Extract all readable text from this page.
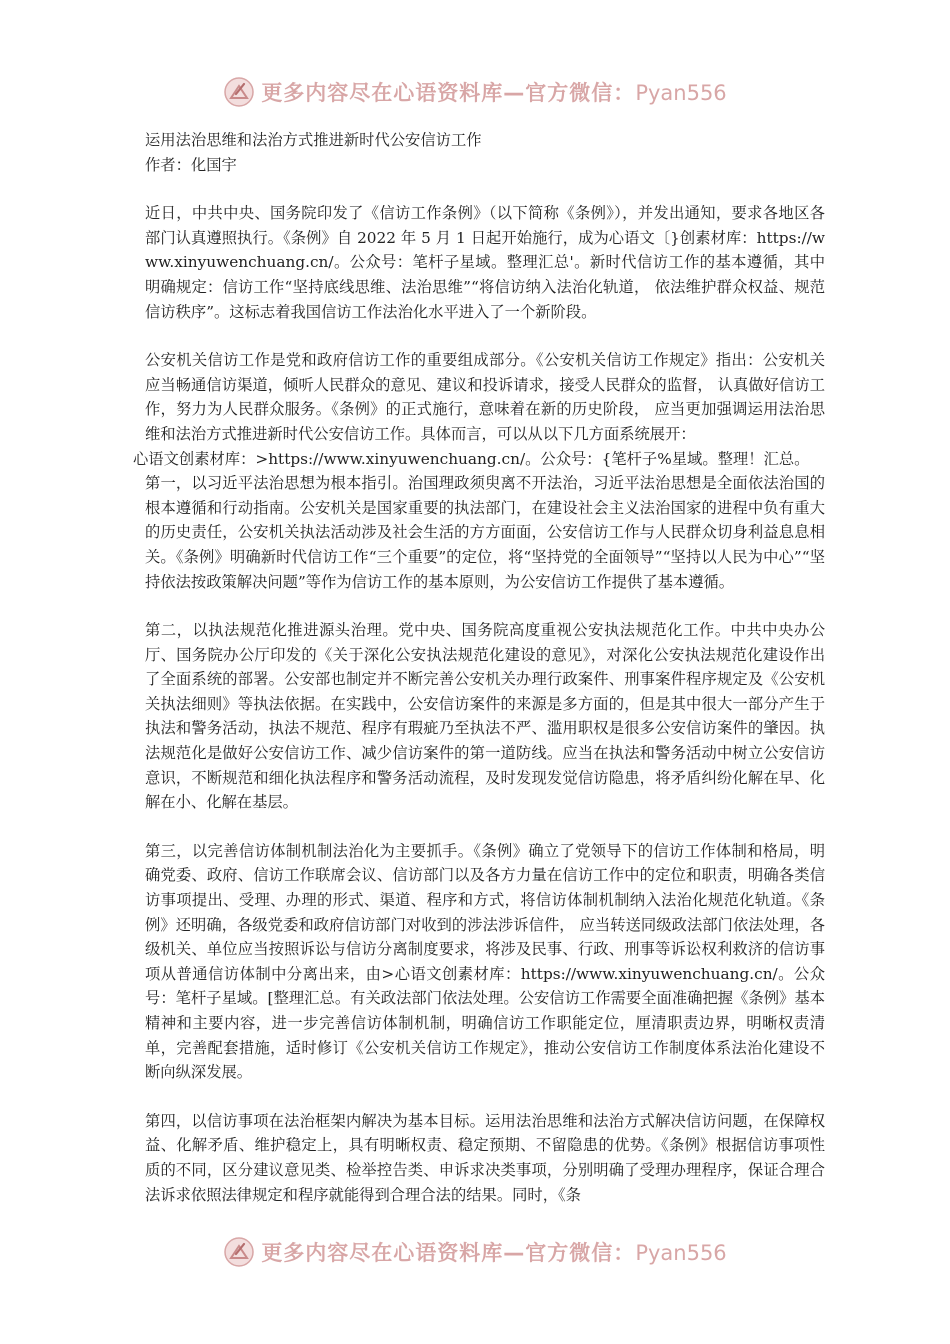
更多内容尽在心语资料库—官方微信：Pyan556

运用法治思维和法治方式推进新时代公安信访工作

作者：化国宇

近日，中共中央、国务院印发了《信访工作条例》（以下简称《条例》），并发出通知，要求各地区各部门认真遵照执行。《条例》自 2022 年 5 月 1 日起开始施行，成为心语文〔}创素材库：https://www.xinyuwenchuang.cn/。公众号：笔杆子星域。整理汇总'。新时代信访工作的基本遵循，其中明确规定：信访工作“坚持底线思维、法治思维”“将信访纳入法治化轨道， 依法维护群众权益、规范信访秩序”。这标志着我国信访工作法治化水平进入了一个新阶段。

公安机关信访工作是党和政府信访工作的重要组成部分。《公安机关信访工作规定》指出：公安机关应当畅通信访渠道，倾听人民群众的意见、建议和投诉请求，接受人民群众的监督， 认真做好信访工作，努力为人民群众服务。《条例》的正式施行，意味着在新的历史阶段， 应当更加强调运用法治思维和法治方式推进新时代公安信访工作。具体而言，可以从以下几方面系统展开：

心语文创素材库：>https://www.xinyuwenchuang.cn/。公众号：{笔杆子%星域。整理！汇总。

第一，以习近平法治思想为根本指引。治国理政须臾离不开法治，习近平法治思想是全面依法治国的根本遵循和行动指南。公安机关是国家重要的执法部门，在建设社会主义法治国家的进程中负有重大的历史责任，公安机关执法活动涉及社会生活的方方面面，公安信访工作与人民群众切身利益息息相关。《条例》明确新时代信访工作“三个重要”的定位，将“坚持党的全面领导”“坚持以人民为中心”“坚持依法按政策解决问题”等作为信访工作的基本原则，为公安信访工作提供了基本遵循。

第二，以执法规范化推进源头治理。党中央、国务院高度重视公安执法规范化工作。中共中央办公厅、国务院办公厅印发的《关于深化公安执法规范化建设的意见》，对深化公安执法规范化建设作出了全面系统的部署。公安部也制定并不断完善公安机关办理行政案件、刑事案件程序规定及《公安机关执法细则》等执法依据。在实践中，公安信访案件的来源是多方面的，但是其中很大一部分产生于执法和警务活动，执法不规范、程序有瑕疵乃至执法不严、滥用职权是很多公安信访案件的肇因。执法规范化是做好公安信访工作、减少信访案件的第一道防线。应当在执法和警务活动中树立公安信访意识，不断规范和细化执法程序和警务活动流程，及时发现发觉信访隐患，将矛盾纠纷化解在早、化解在小、化解在基层。

第三，以完善信访体制机制法治化为主要抓手。《条例》确立了党领导下的信访工作体制和格局，明确党委、政府、信访工作联席会议、信访部门以及各方力量在信访工作中的定位和职责，明确各类信访事项提出、受理、办理的形式、渠道、程序和方式，将信访体制机制纳入法治化规范化轨道。《条例》还明确，各级党委和政府信访部门对收到的涉法涉诉信件， 应当转送同级政法部门依法处理，各级机关、单位应当按照诉讼与信访分离制度要求，将涉及民事、行政、刑事等诉讼权利救济的信访事项从普通信访体制中分离出来，由>心语文创素材库：https://www.xinyuwenchuang.cn/。公众号：笔杆子星域。[整理汇总。有关政法部门依法处理。公安信访工作需要全面准确把握《条例》基本精神和主要内容，进一步完善信访体制机制，明确信访工作职能定位，厘清职责边界，明晰权责清单，完善配套措施，适时修订《公安机关信访工作规定》，推动公安信访工作制度体系法治化建设不断向纵深发展。

第四，以信访事项在法治框架内解决为基本目标。运用法治思维和法治方式解决信访问题，在保障权益、化解矛盾、维护稳定上，具有明晰权责、稳定预期、不留隐患的优势。《条例》根据信访事项性质的不同，区分建议意见类、检举控告类、申诉求决类事项，分别明确了受理办理程序，保证合理合法诉求依照法律规定和程序就能得到合理合法的结果。同时，《条

更多内容尽在心语资料库—官方微信：Pyan556
